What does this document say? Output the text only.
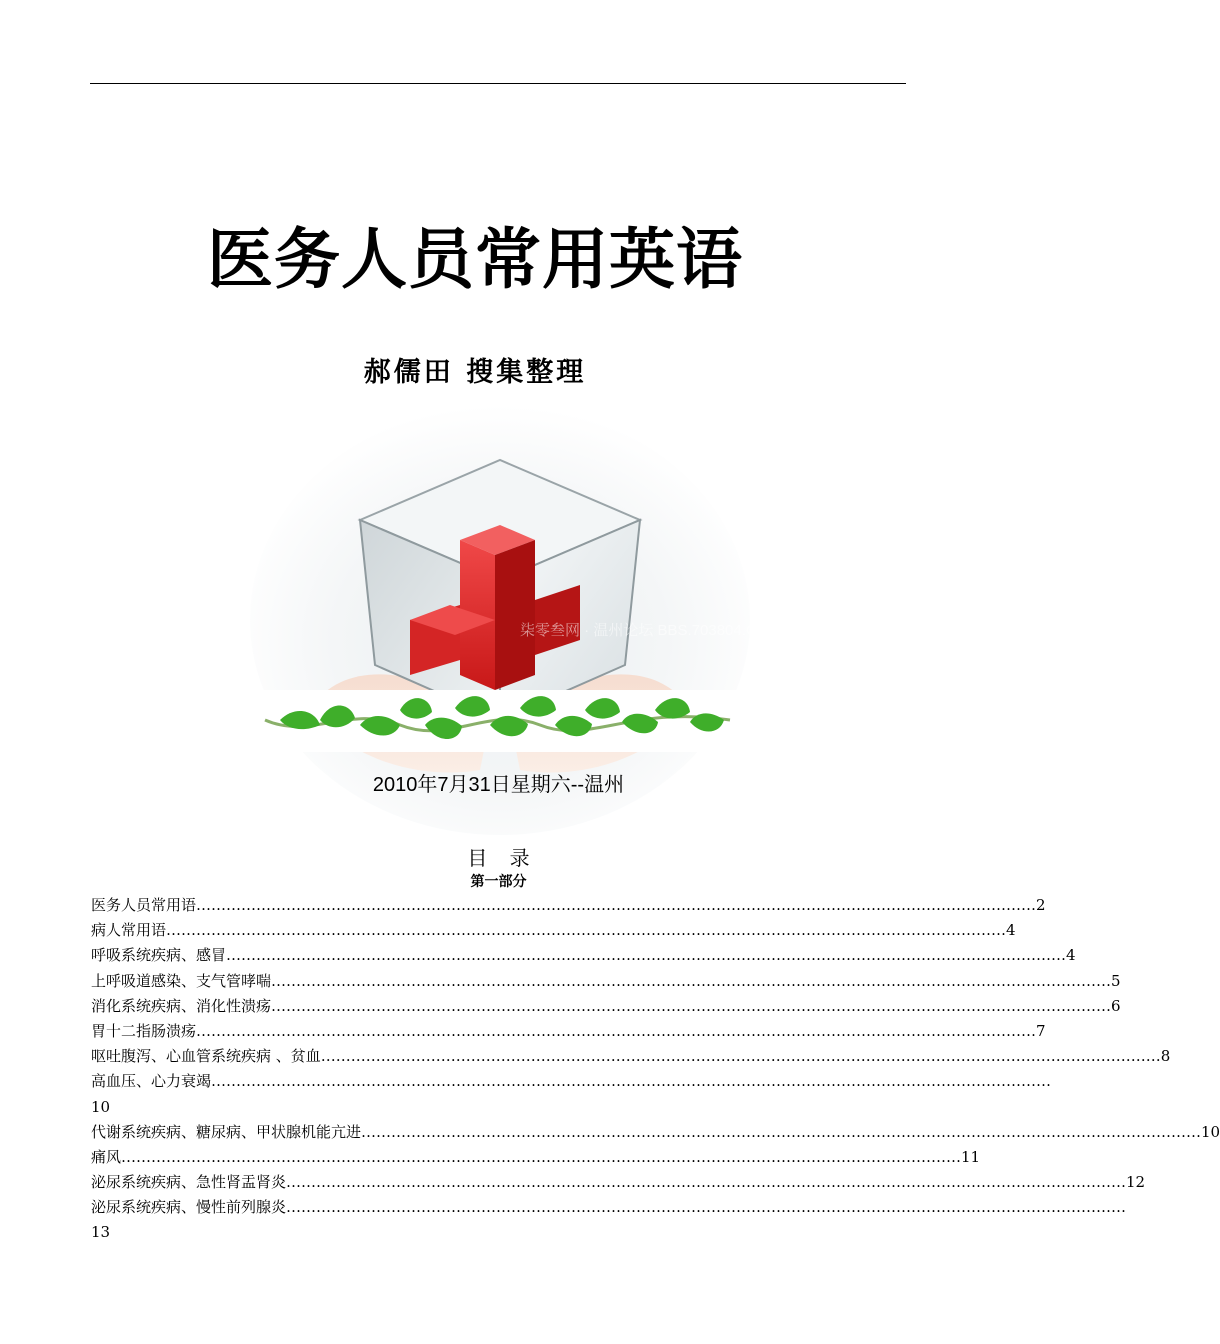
医务人员常用英语
郝儒田 搜集整理
柒零叁网 · 温州论坛 BBS.703804.COM
2010年7月31日星期六--温州
目    录
第一部分
医务人员常用语 …………………………………………………………………………………………………………………………………………………… 2
病人常用语 …………………………………………………………………………………………………………………………………………………… 4
呼吸系统疾病、感冒 …………………………………………………………………………………………………………………………………………………… 4
上呼吸道感染、支气管哮喘 …………………………………………………………………………………………………………………………………………………… 5
消化系统疾病、消化性溃疡 …………………………………………………………………………………………………………………………………………………… 6
胃十二指肠溃疡 …………………………………………………………………………………………………………………………………………………… 7
呕吐腹泻、心血管系统疾病 、贫血 …………………………………………………………………………………………………………………………………………………… 8
高血压、心力衰竭 ……………………………………………………………………………………………………………………………………………………
10
代谢系统疾病、糖尿病、甲状腺机能亢进 …………………………………………………………………………………………………………………………………………………… 10
痛风 …………………………………………………………………………………………………………………………………………………… 11
泌尿系统疾病、急性肾盂肾炎 …………………………………………………………………………………………………………………………………………………… 12
泌尿系统疾病、慢性前列腺炎 ……………………………………………………………………………………………………………………………………………………
13
